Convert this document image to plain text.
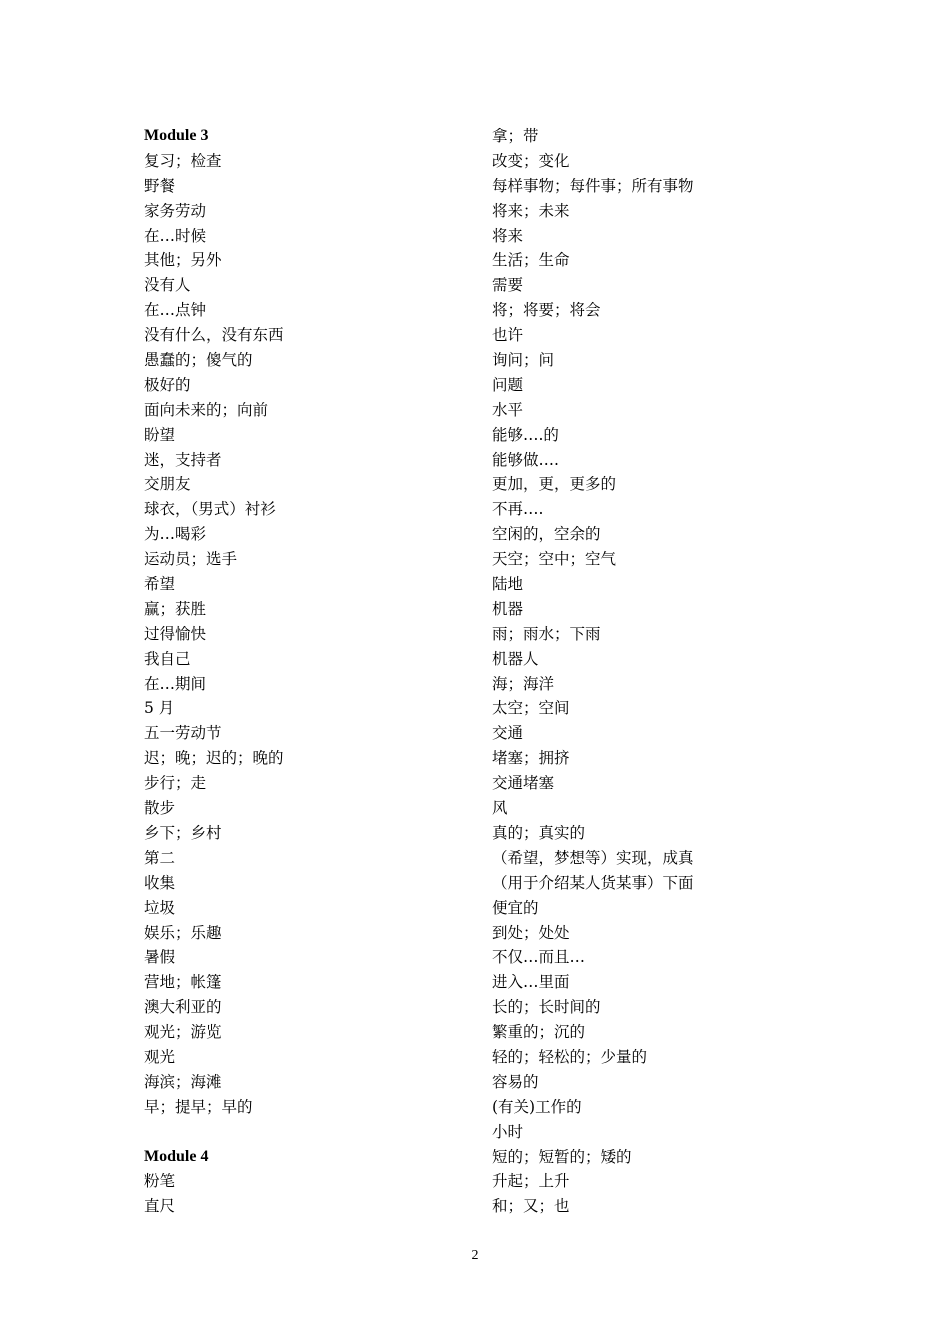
Module 3
复习；检查
野餐
家务劳动
在…时候
其他；另外
没有人
在…点钟
没有什么，没有东西
愚蠢的；傻气的
极好的
面向未来的；向前
盼望
迷，支持者
交朋友
球衣，（男式）衬衫
为…喝彩
运动员；选手
希望
赢；获胜
过得愉快
我自己
在…期间
5 月
五一劳动节
迟；晚；迟的；晚的
步行；走
散步
乡下；乡村
第二
收集
垃圾
娱乐；乐趣
暑假
营地；帐篷
澳大利亚的
观光；游览
观光
海滨；海滩
早；提早；早的
Module 4
粉笔
直尺
拿；带
改变；变化
每样事物；每件事；所有事物
将来；未来
将来
生活；生命
需要
将；将要；将会
也许
询问；问
问题
水平
能够….的
能够做….
更加，更，更多的
不再….
空闲的，空余的
天空；空中；空气
陆地
机器
雨；雨水；下雨
机器人
海；海洋
太空；空间
交通
堵塞；拥挤
交通堵塞
风
真的；真实的
（希望，梦想等）实现，成真
（用于介绍某人货某事）下面
便宜的
到处；处处
不仅…而且…
进入…里面
长的；长时间的
繁重的；沉的
轻的；轻松的；少量的
容易的
(有关)工作的
小时
短的；短暂的；矮的
升起；上升
和；又；也
2
